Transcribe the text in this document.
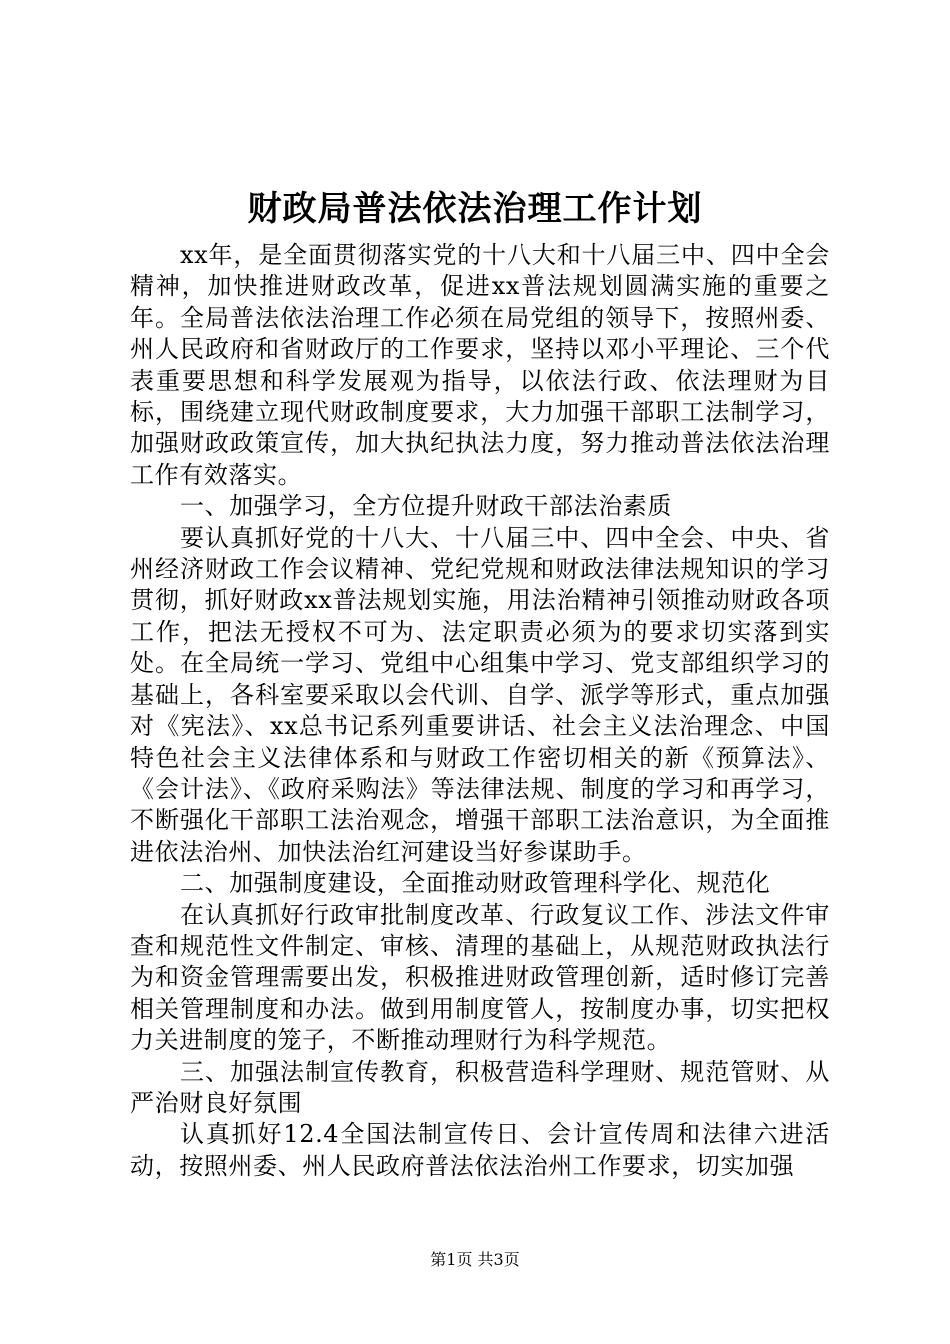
财政局普法依法治理工作计划

xx年，是全面贯彻落实党的十八大和十八届三中、四中全会精神，加快推进财政改革，促进xx普法规划圆满实施的重要之年。全局普法依法治理工作必须在局党组的领导下，按照州委、州人民政府和省财政厅的工作要求，坚持以邓小平理论、三个代表重要思想和科学发展观为指导，以依法行政、依法理财为目标，围绕建立现代财政制度要求，大力加强干部职工法制学习，加强财政政策宣传，加大执纪执法力度，努力推动普法依法治理工作有效落实。

一、加强学习，全方位提升财政干部法治素质

要认真抓好党的十八大、十八届三中、四中全会、中央、省州经济财政工作会议精神、党纪党规和财政法律法规知识的学习贯彻，抓好财政xx普法规划实施，用法治精神引领推动财政各项工作，把法无授权不可为、法定职责必须为的要求切实落到实处。在全局统一学习、党组中心组集中学习、党支部组织学习的基础上，各科室要采取以会代训、自学、派学等形式，重点加强对《宪法》、xx总书记系列重要讲话、社会主义法治理念、中国特色社会主义法律体系和与财政工作密切相关的新《预算法》、《会计法》、《政府采购法》等法律法规、制度的学习和再学习，不断强化干部职工法治观念，增强干部职工法治意识，为全面推进依法治州、加快法治红河建设当好参谋助手。

二、加强制度建设，全面推动财政管理科学化、规范化

在认真抓好行政审批制度改革、行政复议工作、涉法文件审查和规范性文件制定、审核、清理的基础上，从规范财政执法行为和资金管理需要出发，积极推进财政管理创新，适时修订完善相关管理制度和办法。做到用制度管人，按制度办事，切实把权力关进制度的笼子，不断推动理财行为科学规范。

三、加强法制宣传教育，积极营造科学理财、规范管财、从严治财良好氛围

认真抓好12.4全国法制宣传日、会计宣传周和法律六进活动，按照州委、州人民政府普法依法治州工作要求，切实加强

第1页 共3页
